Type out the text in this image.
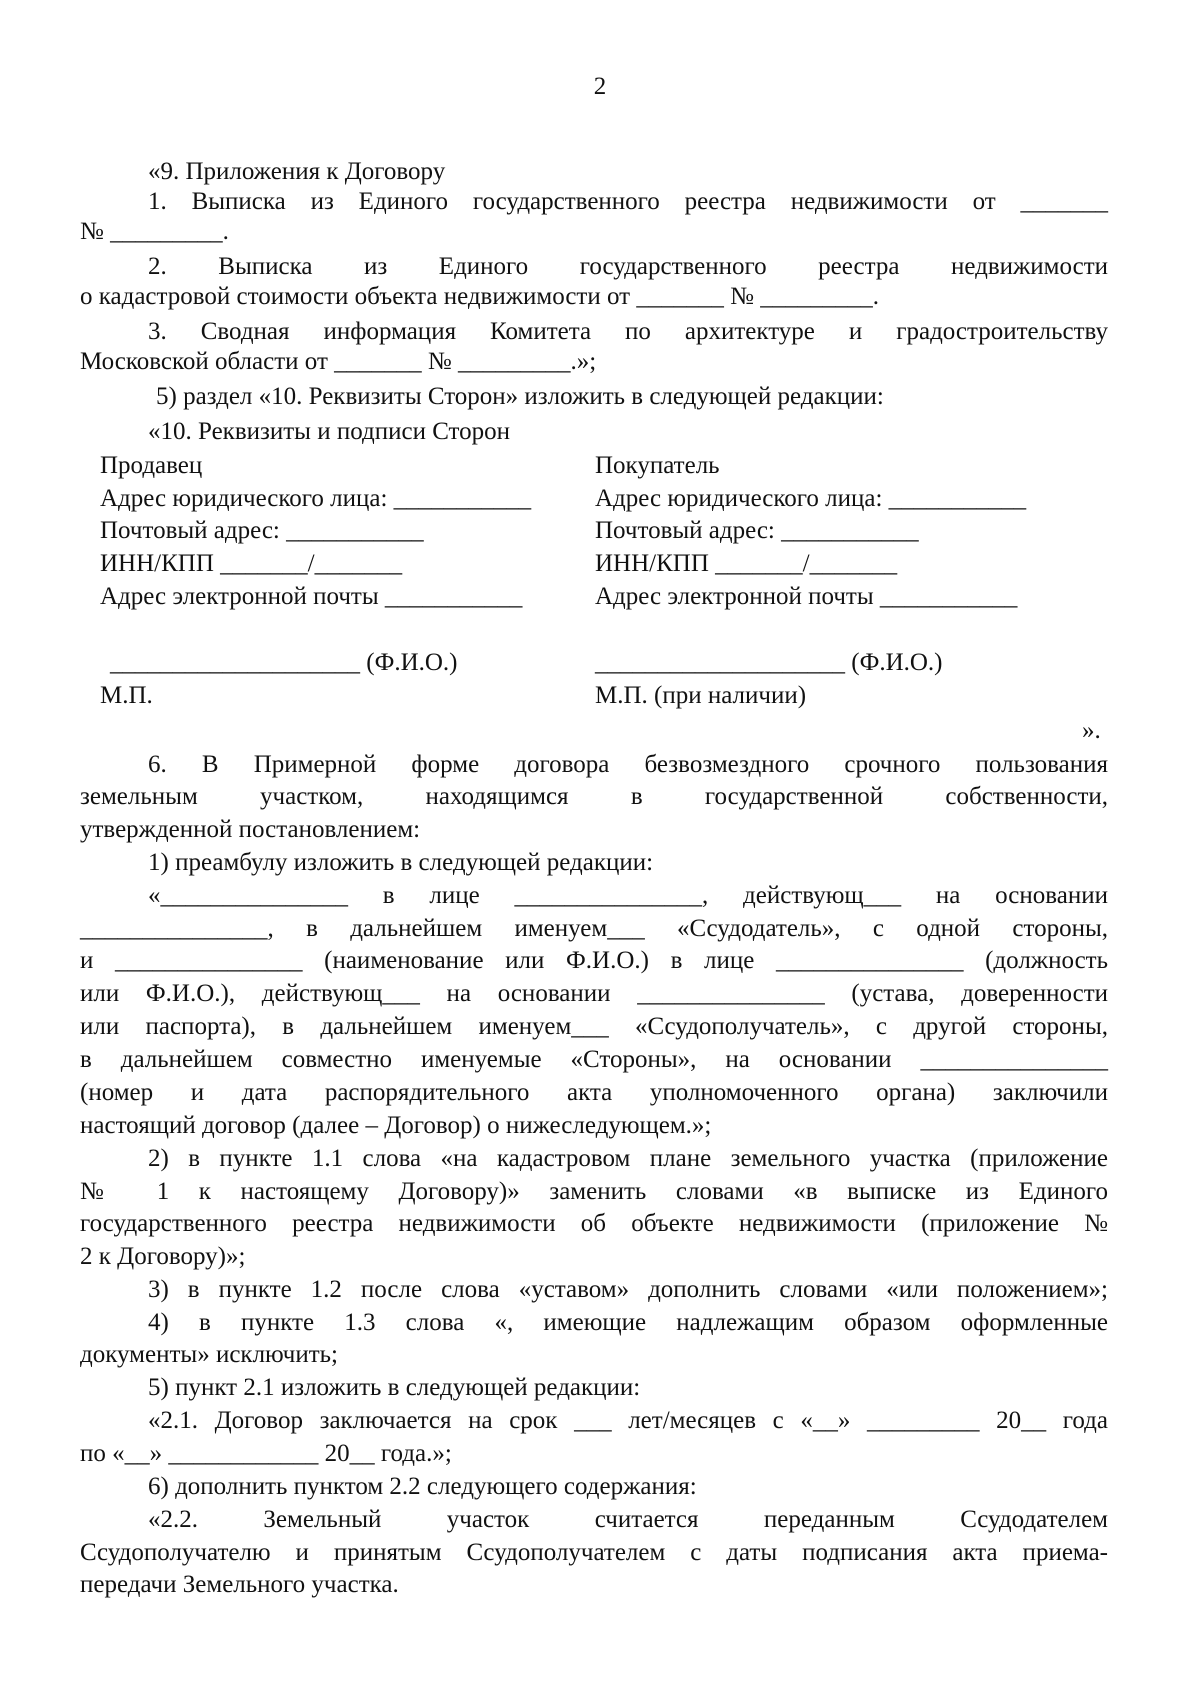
2
«9. Приложения к Договору
1. Выписка из Единого государственного реестра недвижимости от _______
№ _________.
2. Выписка из Единого государственного реестра недвижимости
о кадастровой стоимости объекта недвижимости от _______ № _________.
3. Сводная информация Комитета по архитектуре и градостроительству
Московской области от _______ № _________.»;
5) раздел «10. Реквизиты Сторон» изложить в следующей редакции:
«10. Реквизиты и подписи Сторон
Продавец
Адрес юридического лица: ___________
Почтовый адрес: ___________
ИНН/КПП _______/_______
Адрес электронной почты ___________
____________________ (Ф.И.О.)
М.П.
Покупатель
Адрес юридического лица: ___________
Почтовый адрес: ___________
ИНН/КПП _______/_______
Адрес электронной почты ___________
____________________ (Ф.И.О.)
М.П. (при наличии)
».
6. В Примерной форме договора безвозмездного срочного пользования
земельным участком, находящимся в государственной собственности,
утвержденной постановлением:
1) преамбулу изложить в следующей редакции:
«_______________ в лице _______________, действующ___ на основании
_______________, в дальнейшем именуем___ «Ссудодатель», с одной стороны,
и _______________ (наименование или Ф.И.О.) в лице _______________ (должность
или Ф.И.О.), действующ___ на основании _______________ (устава, доверенности
или паспорта), в дальнейшем именуем___ «Ссудополучатель», с другой стороны,
в дальнейшем совместно именуемые «Стороны», на основании _______________
(номер и дата распорядительного акта уполномоченного органа) заключили
настоящий договор (далее – Договор) о нижеследующем.»;
2) в пункте 1.1 слова «на кадастровом плане земельного участка (приложение
№ 1 к настоящему Договору)» заменить словами «в выписке из Единого
государственного реестра недвижимости об объекте недвижимости (приложение №
2 к Договору)»;
3) в пункте 1.2 после слова «уставом» дополнить словами «или положением»;
4) в пункте 1.3 слова «, имеющие надлежащим образом оформленные
документы» исключить;
5) пункт 2.1 изложить в следующей редакции:
«2.1. Договор заключается на срок ___ лет/месяцев с «__» _________ 20__ года
по «__» ____________ 20__ года.»;
6) дополнить пунктом 2.2 следующего содержания:
«2.2. Земельный участок считается переданным Ссудодателем
Ссудополучателю и принятым Ссудополучателем с даты подписания акта приема-
передачи Земельного участка.
